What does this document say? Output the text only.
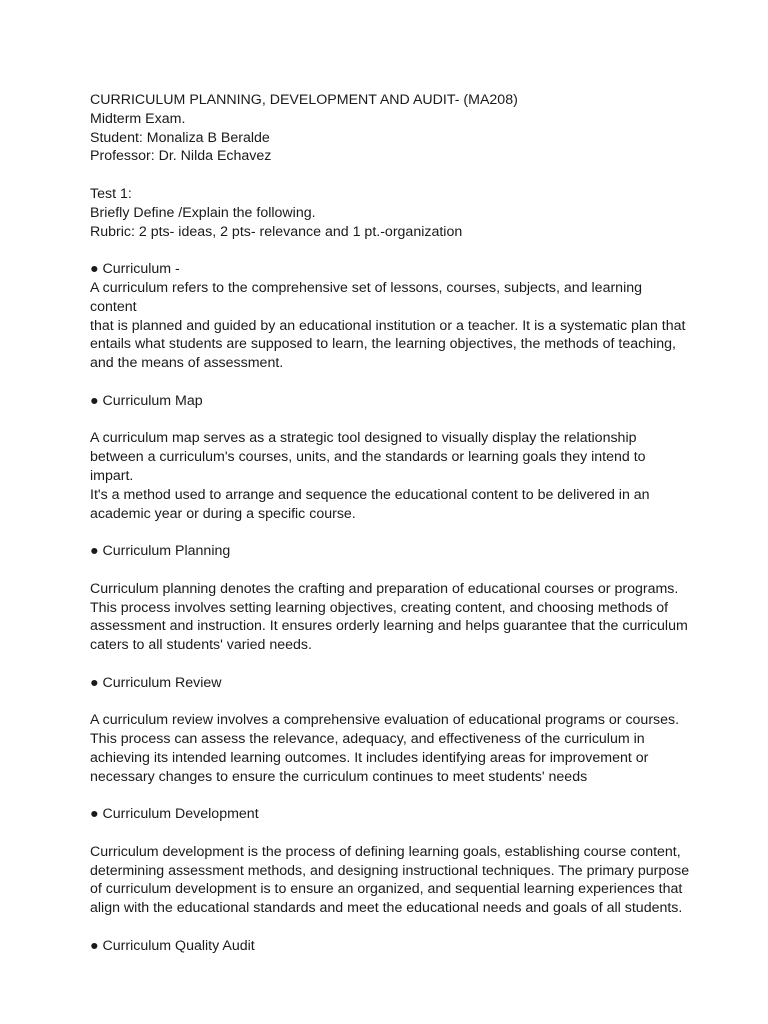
CURRICULUM PLANNING, DEVELOPMENT AND AUDIT- (MA208)

Midterm Exam.

Student: Monaliza B Beralde

Professor: Dr. Nilda Echavez

Test 1:

Briefly Define /Explain the following.

Rubric: 2 pts- ideas, 2 pts- relevance and 1 pt.-organization

● Curriculum -

A curriculum refers to the comprehensive set of lessons, courses, subjects, and learning content

that is planned and guided by an educational institution or a teacher. It is a systematic plan that

entails what students are supposed to learn, the learning objectives, the methods of teaching,

and the means of assessment.

● Curriculum Map

A curriculum map serves as a strategic tool designed to visually display the relationship

between a curriculum's courses, units, and the standards or learning goals they intend to impart.

It's a method used to arrange and sequence the educational content to be delivered in an

academic year or during a specific course.

● Curriculum Planning

Curriculum planning denotes the crafting and preparation of educational courses or programs.

This process involves setting learning objectives, creating content, and choosing methods of

assessment and instruction. It ensures orderly learning and helps guarantee that the curriculum

caters to all students' varied needs.

● Curriculum Review

A curriculum review involves a comprehensive evaluation of educational programs or courses.

This process can assess the relevance, adequacy, and effectiveness of the curriculum in

achieving its intended learning outcomes. It includes identifying areas for improvement or

necessary changes to ensure the curriculum continues to meet students' needs

● Curriculum Development

Curriculum development is the process of defining learning goals, establishing course content,

determining assessment methods, and designing instructional techniques. The primary purpose

of curriculum development is to ensure an organized, and sequential learning experiences that

align with the educational standards and meet the educational needs and goals of all students.

● Curriculum Quality Audit
